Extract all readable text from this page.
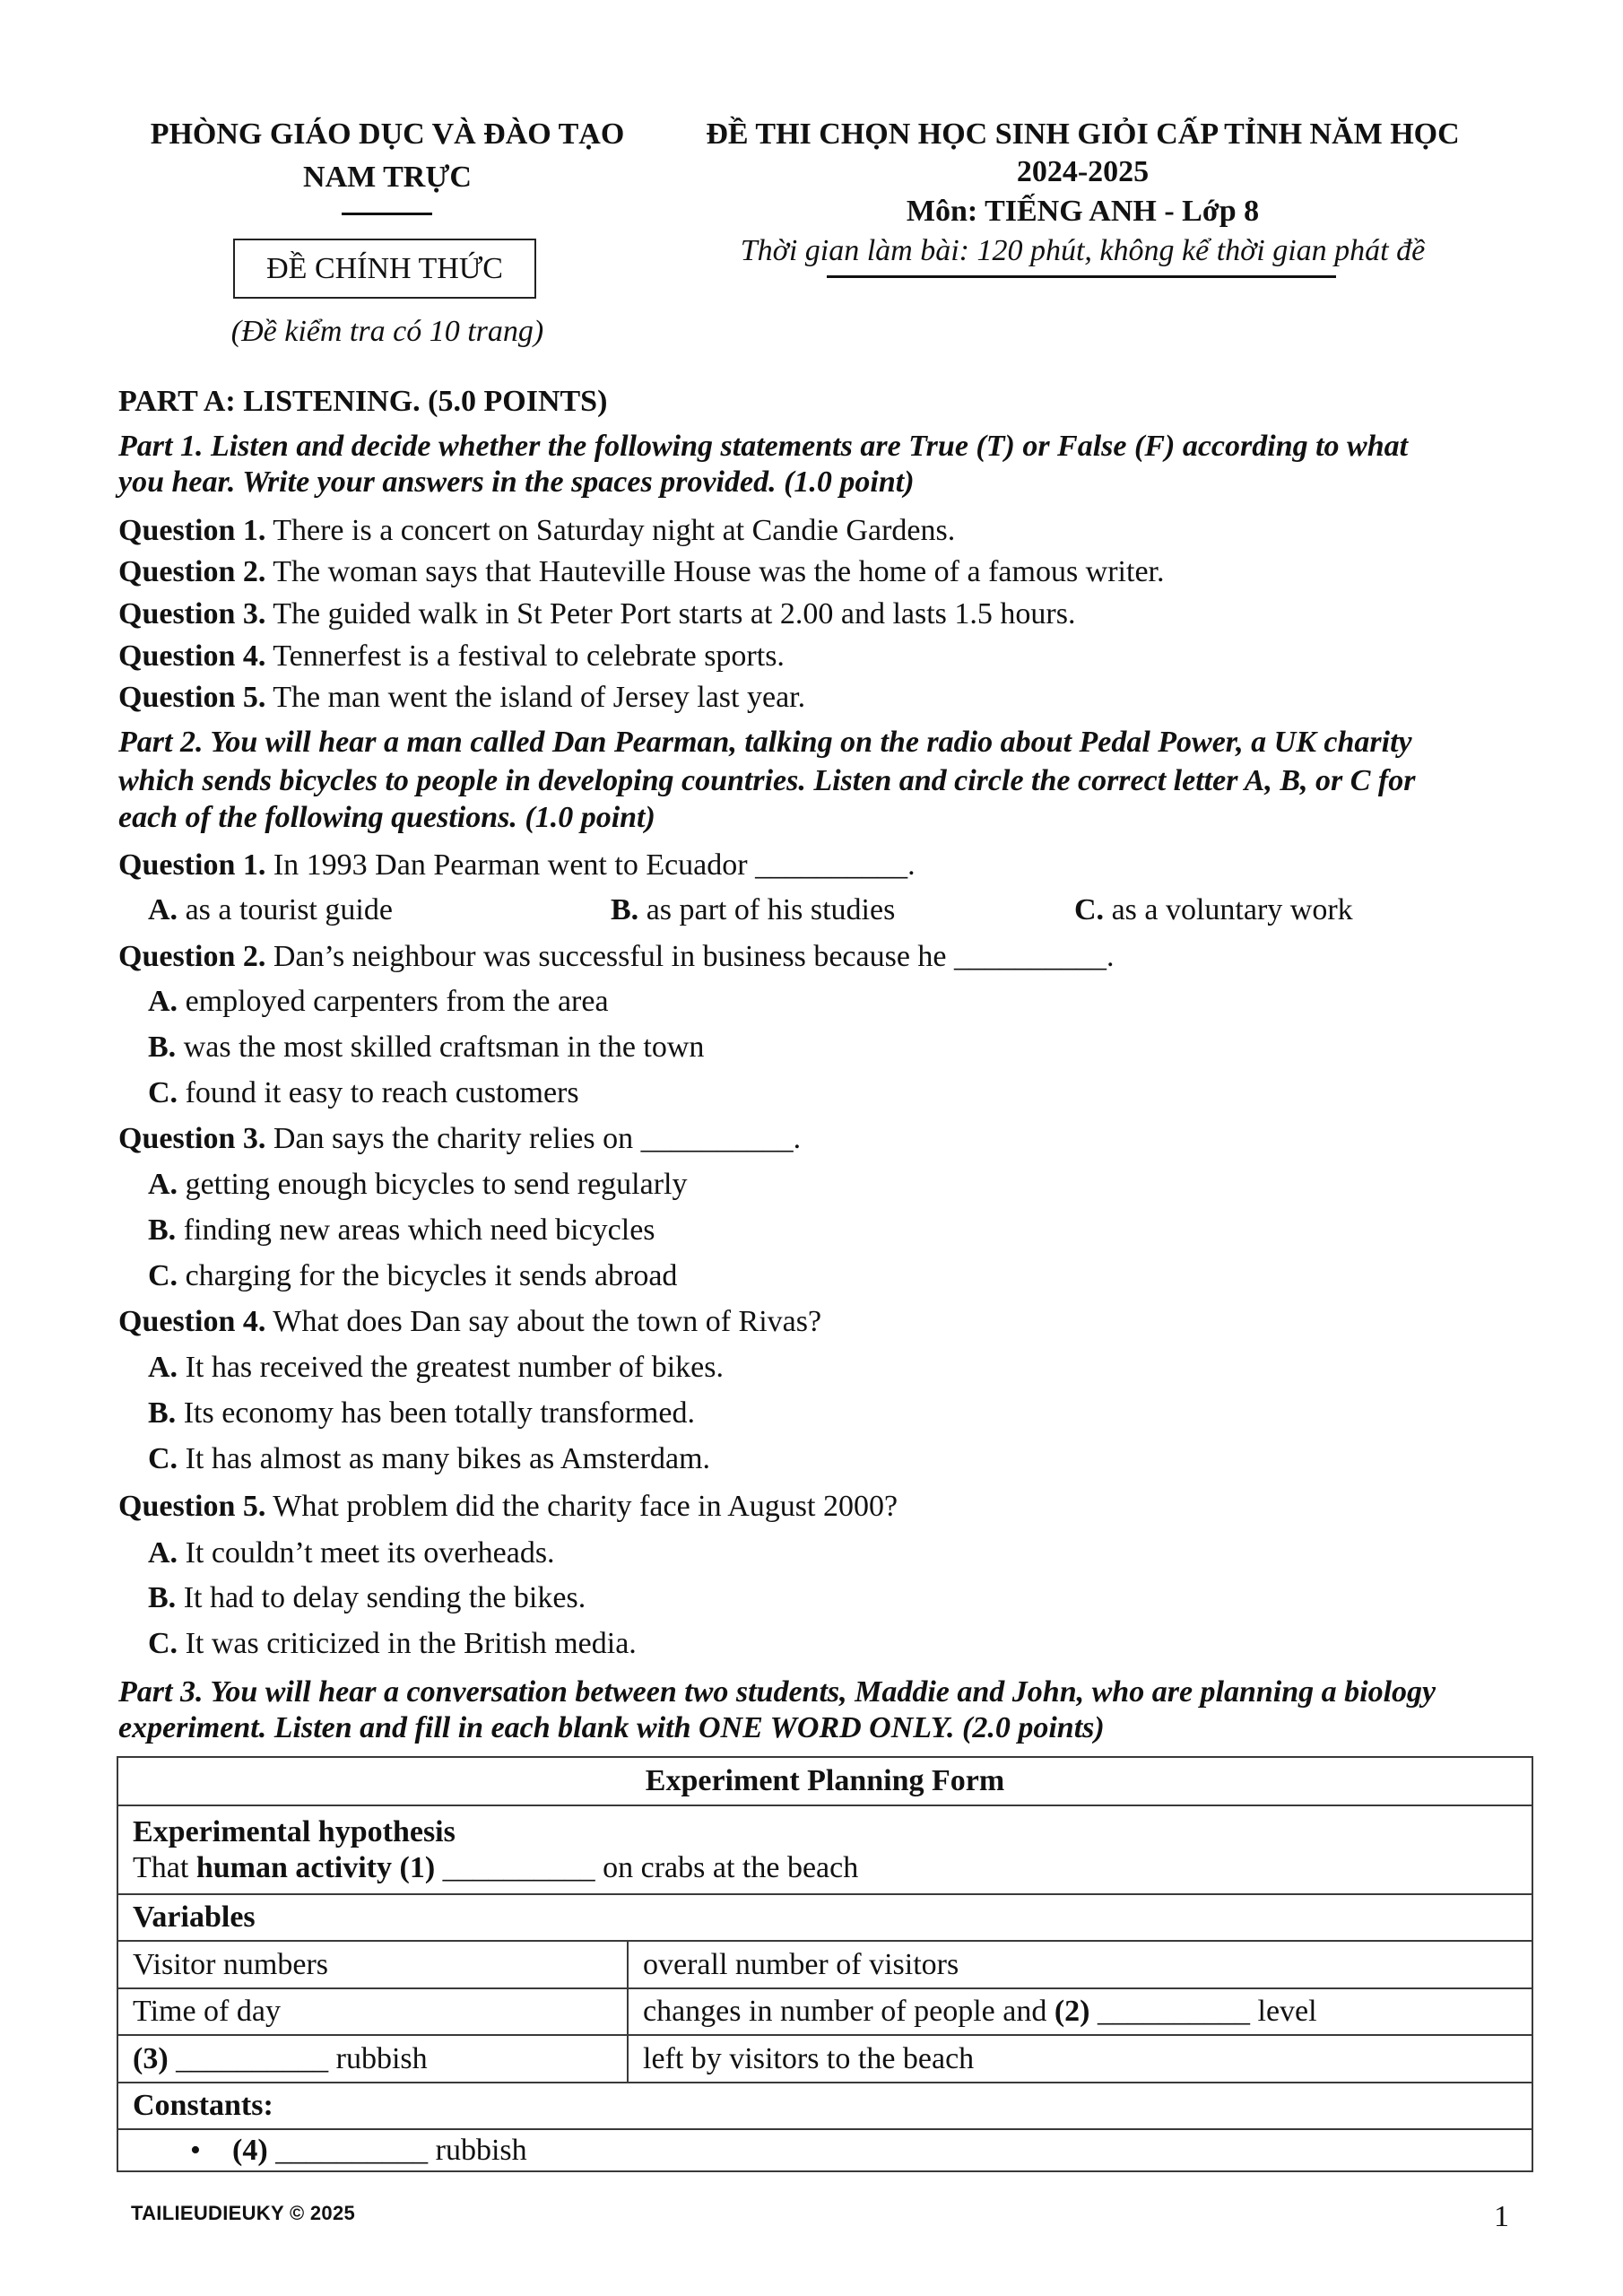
PHÒNG GIÁO DỤC VÀ ĐÀO TẠO
NAM TRỰC
ĐỀ CHÍNH THỨC
(Đề kiểm tra có 10 trang)
ĐỀ THI CHỌN HỌC SINH GIỎI CẤP TỈNH NĂM HỌC
2024-2025
Môn: TIẾNG ANH - Lớp 8
Thời gian làm bài: 120 phút, không kể thời gian phát đề
PART A: LISTENING. (5.0 POINTS)
Part 1. Listen and decide whether the following statements are True (T) or False (F) according to what
you hear. Write your answers in the spaces provided. (1.0 point)
Question 1. There is a concert on Saturday night at Candie Gardens.
Question 2. The woman says that Hauteville House was the home of a famous writer.
Question 3. The guided walk in St Peter Port starts at 2.00 and lasts 1.5 hours.
Question 4. Tennerfest is a festival to celebrate sports.
Question 5. The man went the island of Jersey last year.
Part 2. You will hear a man called Dan Pearman, talking on the radio about Pedal Power, a UK charity
which sends bicycles to people in developing countries. Listen and circle the correct letter A, B, or C for
each of the following questions. (1.0 point)
Question 1. In 1993 Dan Pearman went to Ecuador __________.
A. as a tourist guide	B. as part of his studies	C. as a voluntary work
Question 2. Dan’s neighbour was successful in business because he __________.
A. employed carpenters from the area
B. was the most skilled craftsman in the town
C. found it easy to reach customers
Question 3. Dan says the charity relies on __________.
A. getting enough bicycles to send regularly
B. finding new areas which need bicycles
C. charging for the bicycles it sends abroad
Question 4. What does Dan say about the town of Rivas?
A. It has received the greatest number of bikes.
B. Its economy has been totally transformed.
C. It has almost as many bikes as Amsterdam.
Question 5. What problem did the charity face in August 2000?
A. It couldn’t meet its overheads.
B. It had to delay sending the bikes.
C. It was criticized in the British media.
Part 3. You will hear a conversation between two students, Maddie and John, who are planning a biology
experiment. Listen and fill in each blank with ONE WORD ONLY. (2.0 points)
Experiment Planning Form
Experimental hypothesis
That human activity (1) __________ on crabs at the beach
Variables
Visitor numbers	overall number of visitors
Time of day	changes in number of people and (2) __________ level
(3) __________ rubbish	left by visitors to the beach
Constants:
• (4) __________ rubbish
TAILIEUDIEUKY © 2025	1
